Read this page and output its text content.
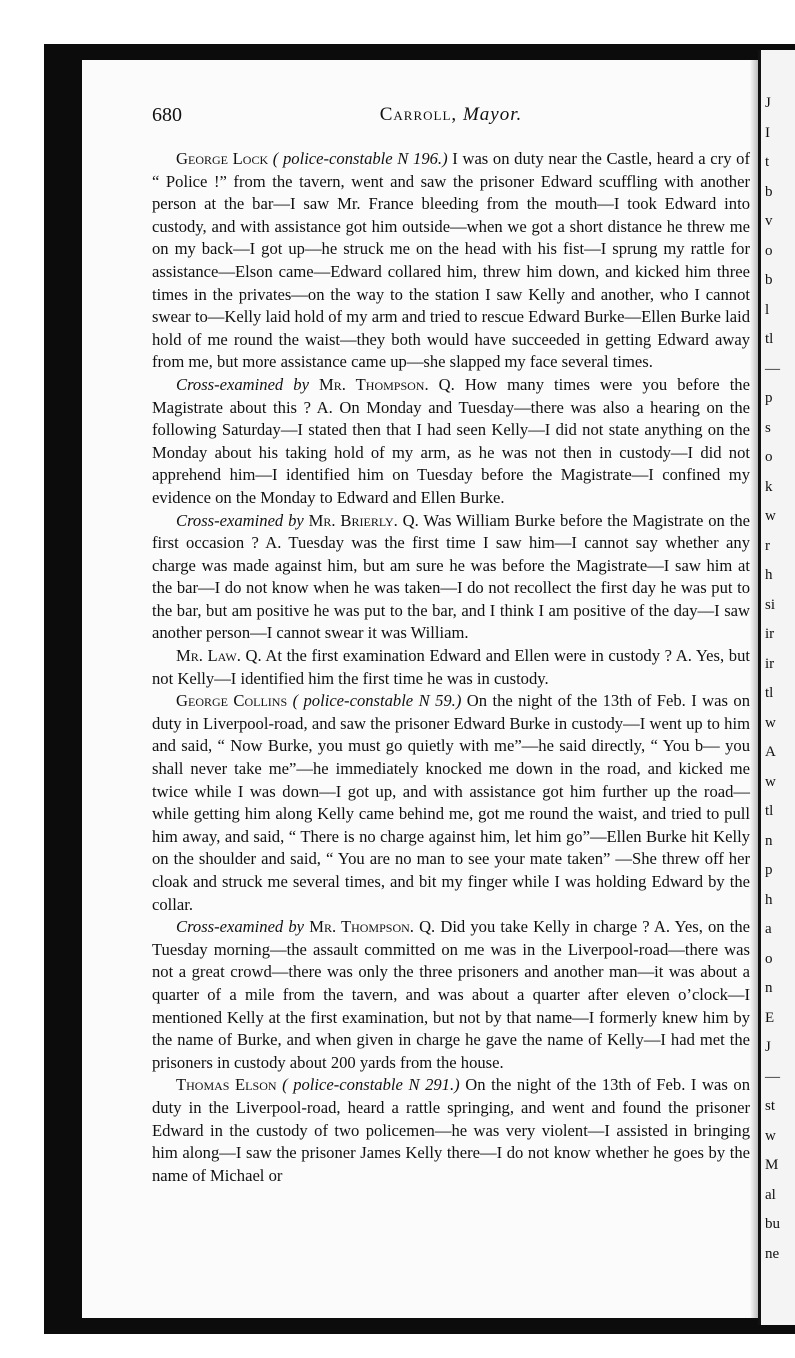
J
I
t
b
v
o
b
l
tl
—
p
s
o
k
w
r
h
si
ir
ir
tl
w
A
w
tl
n
p
h
a
o
n
E
J
—
st
w
M
al
bu
ne
680	Carroll, Mayor.

George Lock ( police-constable N 196.) I was on duty near the Castle, heard a cry of “ Police !” from the tavern, went and saw the prisoner Edward scuffling with another person at the bar—I saw Mr. France bleeding from the mouth—I took Edward into custody, and with assistance got him outside—when we got a short distance he threw me on my back—I got up—he struck me on the head with his fist—I sprung my rattle for assistance—Elson came—Edward collared him, threw him down, and kicked him three times in the privates—on the way to the station I saw Kelly and another, who I cannot swear to—Kelly laid hold of my arm and tried to rescue Edward Burke—Ellen Burke laid hold of me round the waist—they both would have succeeded in getting Edward away from me, but more assistance came up—she slapped my face several times.

Cross-examined by Mr. Thompson. Q. How many times were you before the Magistrate about this ? A. On Monday and Tuesday—there was also a hearing on the following Saturday—I stated then that I had seen Kelly—I did not state anything on the Monday about his taking hold of my arm, as he was not then in custody—I did not apprehend him—I identified him on Tuesday before the Magistrate—I confined my evidence on the Monday to Edward and Ellen Burke.

Cross-examined by Mr. Brierly. Q. Was William Burke before the Magistrate on the first occasion ? A. Tuesday was the first time I saw him—I cannot say whether any charge was made against him, but am sure he was before the Magistrate—I saw him at the bar—I do not know when he was taken—I do not recollect the first day he was put to the bar, but am positive he was put to the bar, and I think I am positive of the day—I saw another person—I cannot swear it was William.

Mr. Law. Q. At the first examination Edward and Ellen were in custody ? A. Yes, but not Kelly—I identified him the first time he was in custody.

George Collins ( police-constable N 59.) On the night of the 13th of Feb. I was on duty in Liverpool-road, and saw the prisoner Edward Burke in custody—I went up to him and said, “ Now Burke, you must go quietly with me”—he said directly, “ You b— you shall never take me”—he immediately knocked me down in the road, and kicked me twice while I was down—I got up, and with assistance got him further up the road—while getting him along Kelly came behind me, got me round the waist, and tried to pull him away, and said, “ There is no charge against him, let him go”—Ellen Burke hit Kelly on the shoulder and said, “ You are no man to see your mate taken” —She threw off her cloak and struck me several times, and bit my finger while I was holding Edward by the collar.

Cross-examined by Mr. Thompson. Q. Did you take Kelly in charge ? A. Yes, on the Tuesday morning—the assault committed on me was in the Liverpool-road—there was not a great crowd—there was only the three prisoners and another man—it was about a quarter of a mile from the tavern, and was about a quarter after eleven o’clock—I mentioned Kelly at the first examination, but not by that name—I formerly knew him by the name of Burke, and when given in charge he gave the name of Kelly—I had met the prisoners in custody about 200 yards from the house.

Thomas Elson ( police-constable N 291.) On the night of the 13th of Feb. I was on duty in the Liverpool-road, heard a rattle springing, and went and found the prisoner Edward in the custody of two policemen—he was very violent—I assisted in bringing him along—I saw the prisoner James Kelly there—I do not know whether he goes by the name of Michael or
